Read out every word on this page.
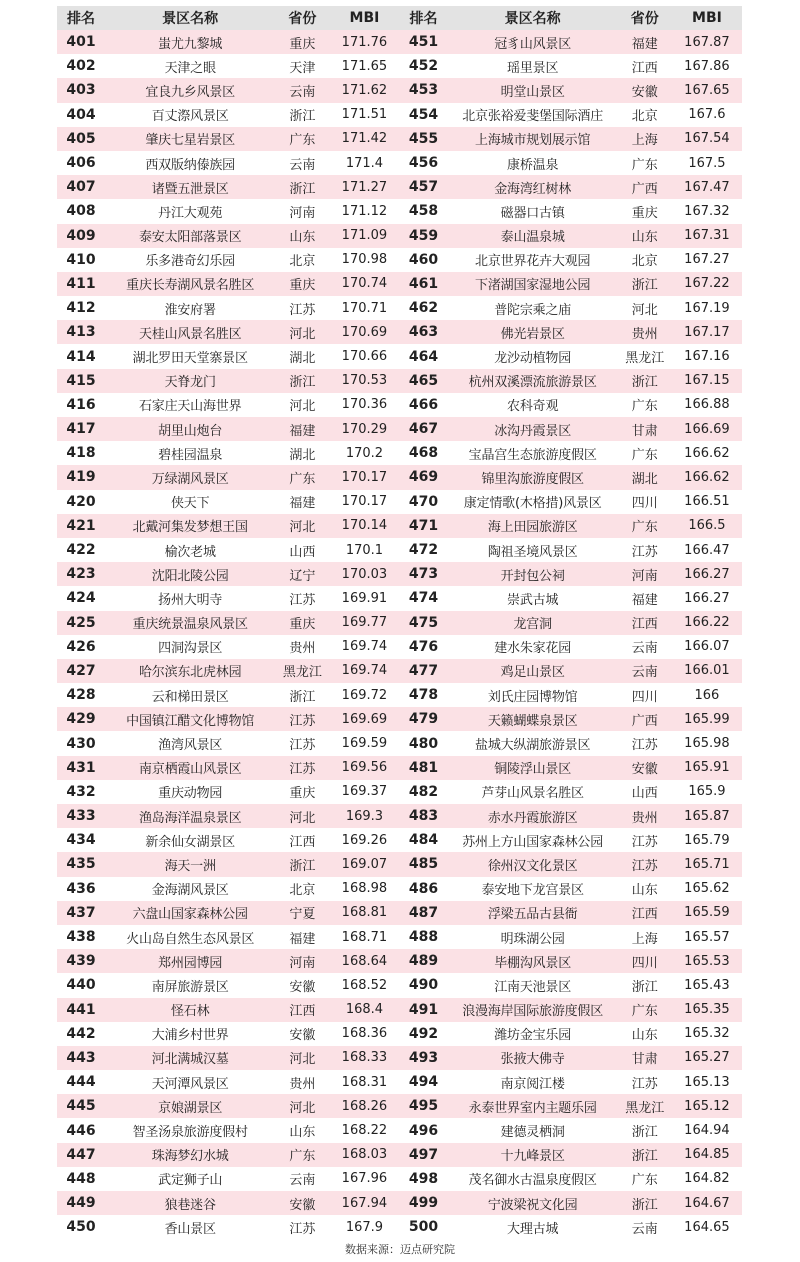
排名	景区名称	省份	MBI	排名	景区名称	省份	MBI
401	蚩尤九黎城	重庆	171.76	451	冠豸山风景区	福建	167.87
402	天津之眼	天津	171.65	452	瑶里景区	江西	167.86
403	宜良九乡风景区	云南	171.62	453	明堂山景区	安徽	167.65
404	百丈漈风景区	浙江	171.51	454	北京张裕爱斐堡国际酒庄	北京	167.6
405	肇庆七星岩景区	广东	171.42	455	上海城市规划展示馆	上海	167.54
406	西双版纳傣族园	云南	171.4	456	康桥温泉	广东	167.5
407	诸暨五泄景区	浙江	171.27	457	金海湾红树林	广西	167.47
408	丹江大观苑	河南	171.12	458	磁器口古镇	重庆	167.32
409	泰安太阳部落景区	山东	171.09	459	泰山温泉城	山东	167.31
410	乐多港奇幻乐园	北京	170.98	460	北京世界花卉大观园	北京	167.27
411	重庆长寿湖风景名胜区	重庆	170.74	461	下渚湖国家湿地公园	浙江	167.22
412	淮安府署	江苏	170.71	462	普陀宗乘之庙	河北	167.19
413	天桂山风景名胜区	河北	170.69	463	佛光岩景区	贵州	167.17
414	湖北罗田天堂寨景区	湖北	170.66	464	龙沙动植物园	黑龙江	167.16
415	天脊龙门	浙江	170.53	465	杭州双溪漂流旅游景区	浙江	167.15
416	石家庄天山海世界	河北	170.36	466	农科奇观	广东	166.88
417	胡里山炮台	福建	170.29	467	冰沟丹霞景区	甘肃	166.69
418	碧桂园温泉	湖北	170.2	468	宝晶宫生态旅游度假区	广东	166.62
419	万绿湖风景区	广东	170.17	469	锦里沟旅游度假区	湖北	166.62
420	侠天下	福建	170.17	470	康定情歌(木格措)风景区	四川	166.51
421	北戴河集发梦想王国	河北	170.14	471	海上田园旅游区	广东	166.5
422	榆次老城	山西	170.1	472	陶祖圣境风景区	江苏	166.47
423	沈阳北陵公园	辽宁	170.03	473	开封包公祠	河南	166.27
424	扬州大明寺	江苏	169.91	474	崇武古城	福建	166.27
425	重庆统景温泉风景区	重庆	169.77	475	龙宫洞	江西	166.22
426	四洞沟景区	贵州	169.74	476	建水朱家花园	云南	166.07
427	哈尔滨东北虎林园	黑龙江	169.74	477	鸡足山景区	云南	166.01
428	云和梯田景区	浙江	169.72	478	刘氏庄园博物馆	四川	166
429	中国镇江醋文化博物馆	江苏	169.69	479	天籁蝴蝶泉景区	广西	165.99
430	渔湾风景区	江苏	169.59	480	盐城大纵湖旅游景区	江苏	165.98
431	南京栖霞山风景区	江苏	169.56	481	铜陵浮山景区	安徽	165.91
432	重庆动物园	重庆	169.37	482	芦芽山风景名胜区	山西	165.9
433	渔岛海洋温泉景区	河北	169.3	483	赤水丹霞旅游区	贵州	165.87
434	新余仙女湖景区	江西	169.26	484	苏州上方山国家森林公园	江苏	165.79
435	海天一洲	浙江	169.07	485	徐州汉文化景区	江苏	165.71
436	金海湖风景区	北京	168.98	486	泰安地下龙宫景区	山东	165.62
437	六盘山国家森林公园	宁夏	168.81	487	浮梁五品古县衙	江西	165.59
438	火山岛自然生态风景区	福建	168.71	488	明珠湖公园	上海	165.57
439	郑州园博园	河南	168.64	489	毕棚沟风景区	四川	165.53
440	南屏旅游景区	安徽	168.52	490	江南天池景区	浙江	165.43
441	怪石林	江西	168.4	491	浪漫海岸国际旅游度假区	广东	165.35
442	大浦乡村世界	安徽	168.36	492	潍坊金宝乐园	山东	165.32
443	河北满城汉墓	河北	168.33	493	张掖大佛寺	甘肃	165.27
444	天河潭风景区	贵州	168.31	494	南京阅江楼	江苏	165.13
445	京娘湖景区	河北	168.26	495	永泰世界室内主题乐园	黑龙江	165.12
446	智圣汤泉旅游度假村	山东	168.22	496	建德灵栖洞	浙江	164.94
447	珠海梦幻水城	广东	168.03	497	十九峰景区	浙江	164.85
448	武定狮子山	云南	167.96	498	茂名御水古温泉度假区	广东	164.82
449	狼巷迷谷	安徽	167.94	499	宁波梁祝文化园	浙江	164.67
450	香山景区	江苏	167.9	500	大理古城	云南	164.65
数据来源：迈点研究院
